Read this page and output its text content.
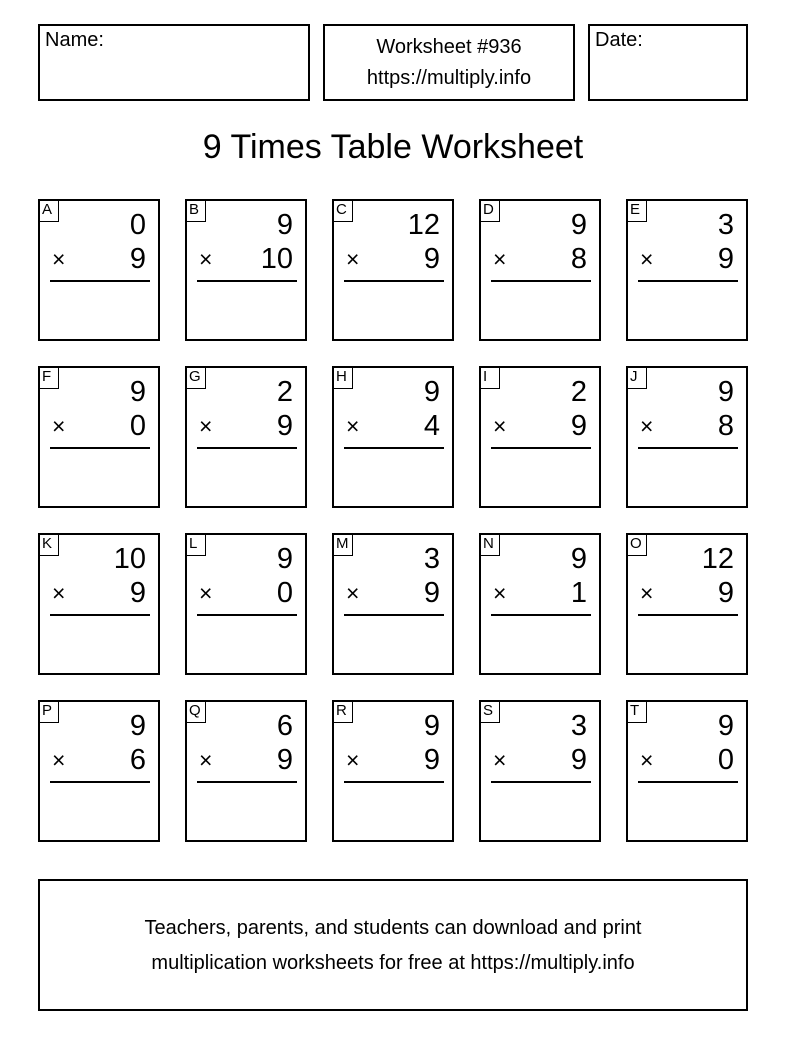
Name:	Worksheet #936
https://multiply.info
Date:
9 Times Table Worksheet
A	0
× 9
B	9
× 10
C 12
× 9
D	9
× 8
E	3
× 9
F	9
× 0
G	2
× 9
H	9
× 4
I	2
× 9
J	9
× 8
K 10
× 9
L	9
× 0
M	3
× 9
N	9
× 1
O 12
× 9
P	9
× 6
Q	6
× 9
R	9
× 9
S	3
× 9
T	9
× 0
Teachers, parents, and students can download and print
multiplication worksheets for free at https://multiply.info
